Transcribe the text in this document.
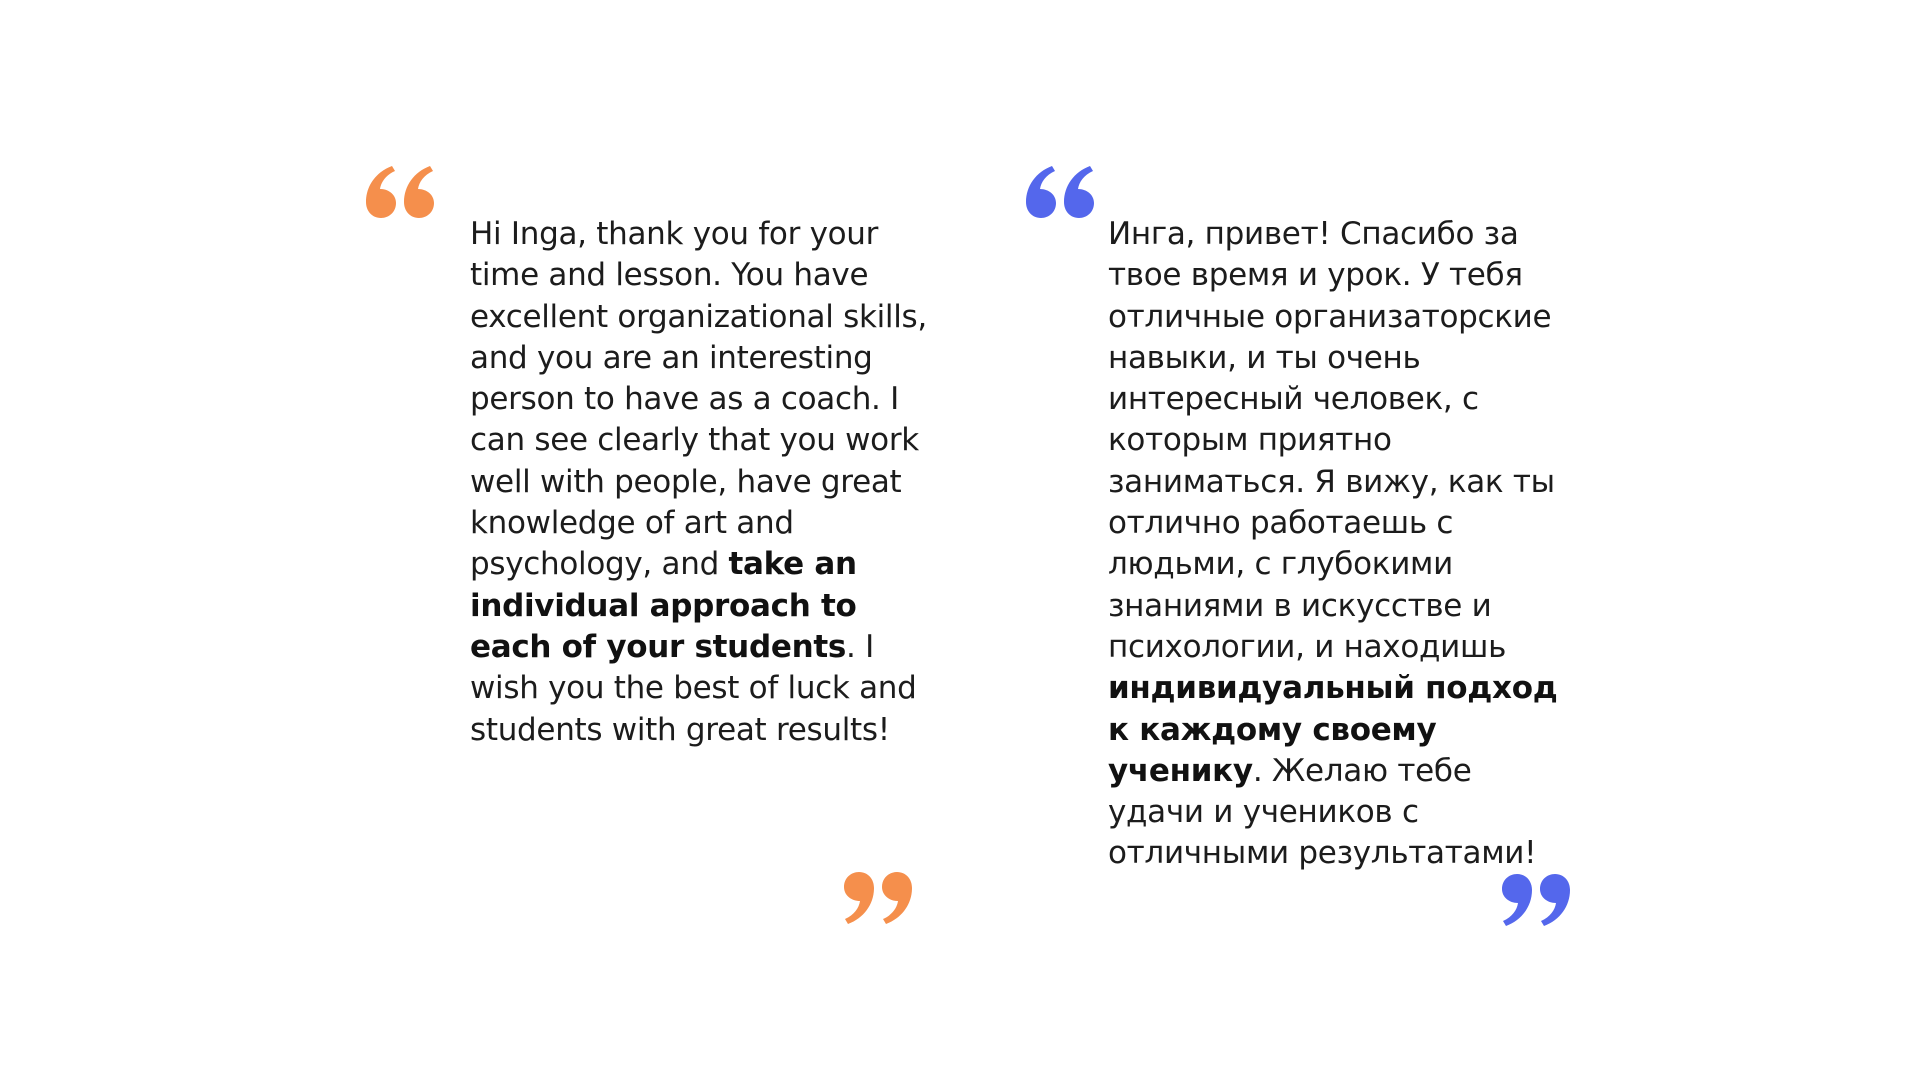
Hi Inga, thank you for your time and lesson. You have excellent organizational skills, and you are an interesting person to have as a coach. I can see clearly that you work well with people, have great knowledge of art and psychology, and take an individual approach to each of your students. I wish you the best of luck and students with great results!

Инга, привет! Спасибо за твое время и урок. У тебя отличные организаторские навыки, и ты очень интересный человек, с которым приятно заниматься. Я вижу, как ты отлично работаешь с людьми, с глубокими знаниями в искусстве и психологии, и находишь индивидуальный подход к каждому своему ученику. Желаю тебе удачи и учеников с отличными результатами!
